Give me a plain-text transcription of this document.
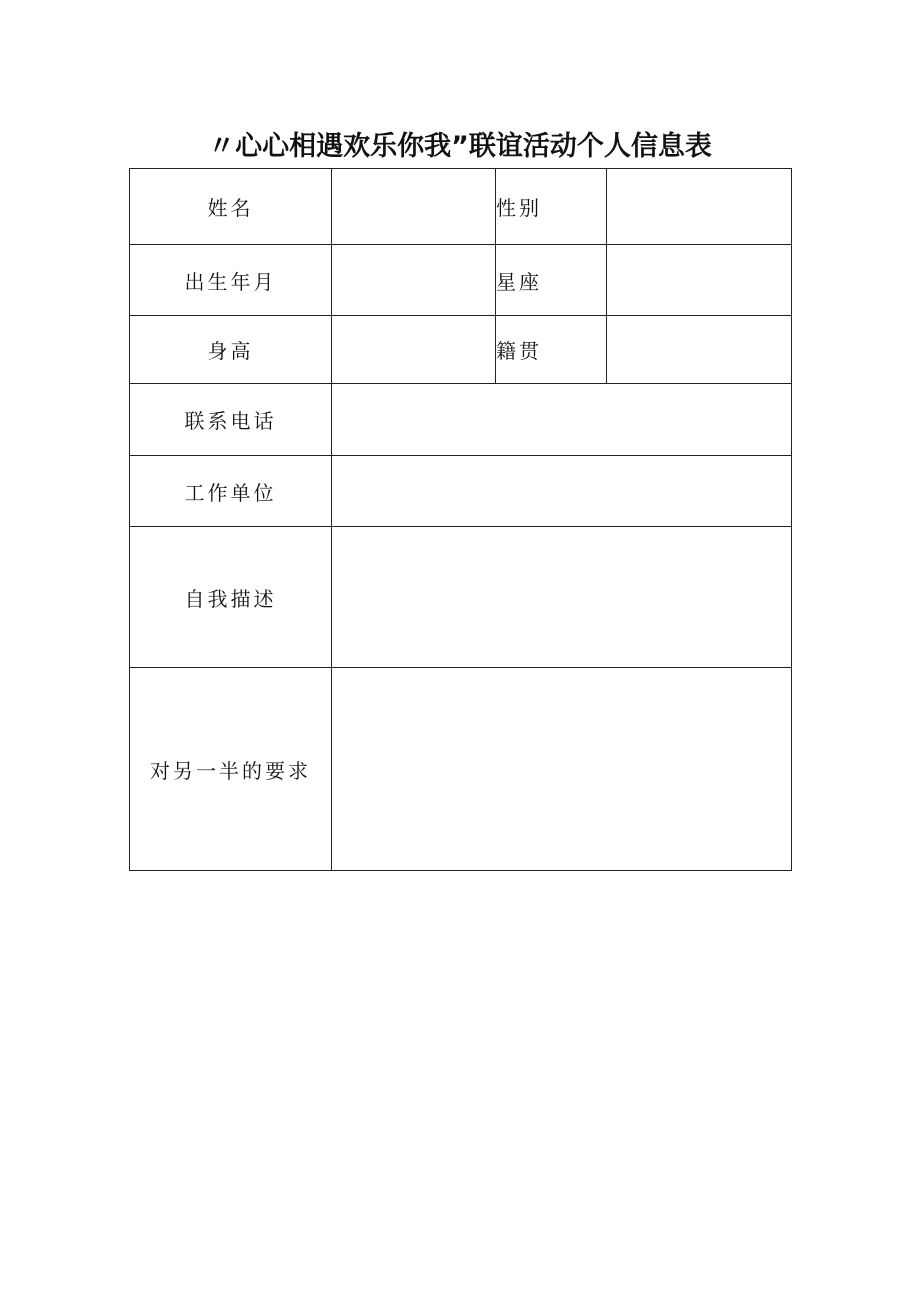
〃心心相遇欢乐你我”联谊活动个人信息表
姓名		性别	
出生年月		星座	
身高		籍贯	
联系电话			
工作单位			
自我描述			
对另一半的要求			
